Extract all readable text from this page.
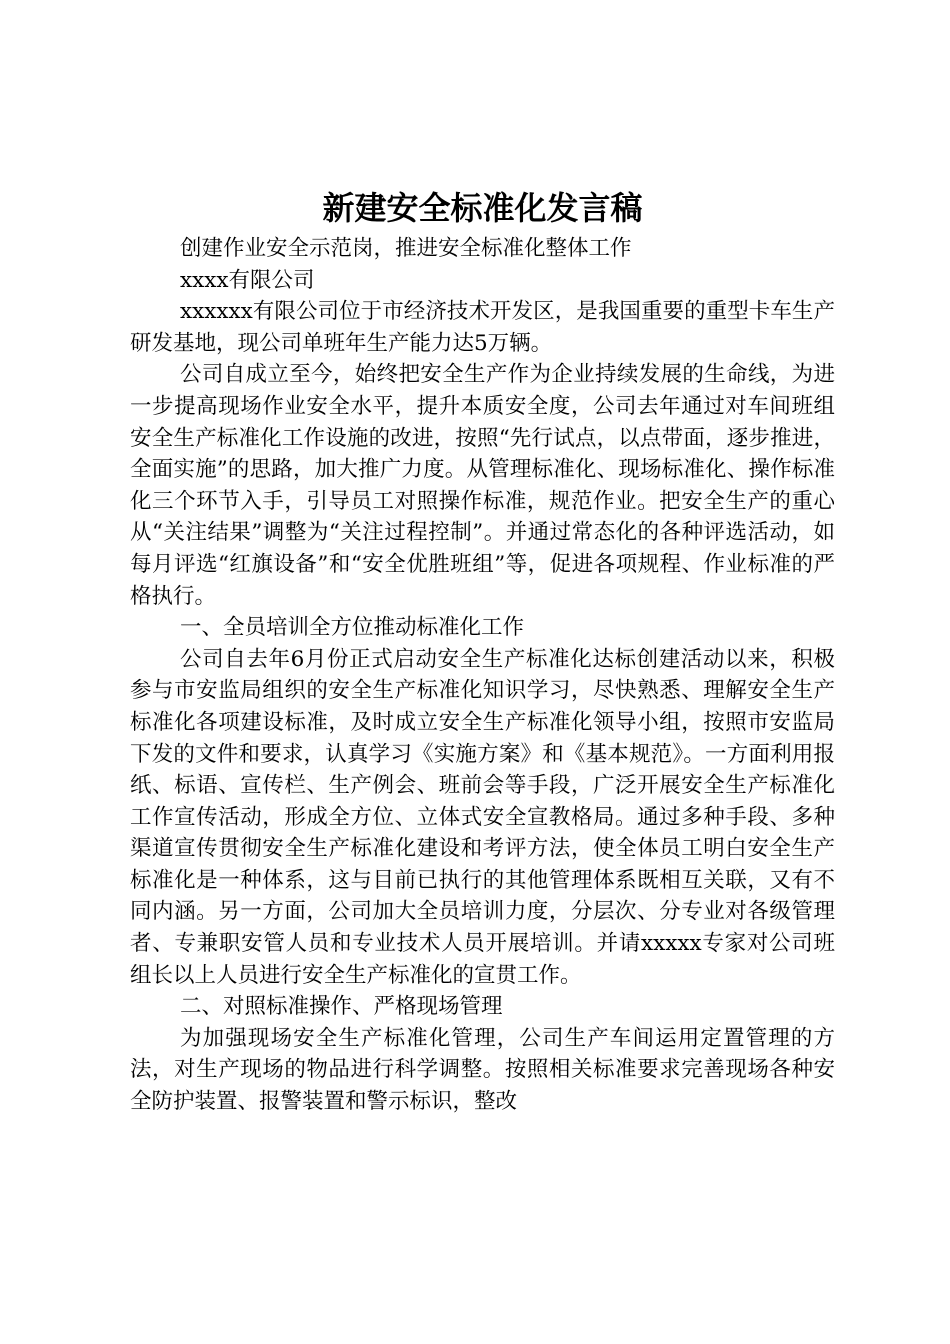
新建安全标准化发言稿

创建作业安全示范岗，推进安全标准化整体工作

xxxx有限公司

xxxxxx有限公司位于市经济技术开发区，是我国重要的重型卡车生产研发基地，现公司单班年生产能力达5万辆。

公司自成立至今，始终把安全生产作为企业持续发展的生命线，为进一步提高现场作业安全水平，提升本质安全度，公司去年通过对车间班组安全生产标准化工作设施的改进，按照“先行试点，以点带面，逐步推进，全面实施”的思路，加大推广力度。从管理标准化、现场标准化、操作标准化三个环节入手，引导员工对照操作标准，规范作业。把安全生产的重心从“关注结果”调整为“关注过程控制”。并通过常态化的各种评选活动，如每月评选“红旗设备”和“安全优胜班组”等，促进各项规程、作业标准的严格执行。

一、全员培训全方位推动标准化工作

公司自去年6月份正式启动安全生产标准化达标创建活动以来，积极参与市安监局组织的安全生产标准化知识学习，尽快熟悉、理解安全生产标准化各项建设标准，及时成立安全生产标准化领导小组，按照市安监局下发的文件和要求，认真学习《实施方案》和《基本规范》。一方面利用报纸、标语、宣传栏、生产例会、班前会等手段，广泛开展安全生产标准化工作宣传活动，形成全方位、立体式安全宣教格局。通过多种手段、多种渠道宣传贯彻安全生产标准化建设和考评方法，使全体员工明白安全生产标准化是一种体系，这与目前已执行的其他管理体系既相互关联，又有不同内涵。另一方面，公司加大全员培训力度，分层次、分专业对各级管理者、专兼职安管人员和专业技术人员开展培训。并请xxxxx专家对公司班组长以上人员进行安全生产标准化的宣贯工作。

二、对照标准操作、严格现场管理

为加强现场安全生产标准化管理，公司生产车间运用定置管理的方法，对生产现场的物品进行科学调整。按照相关标准要求完善现场各种安全防护装置、报警装置和警示标识，整改
